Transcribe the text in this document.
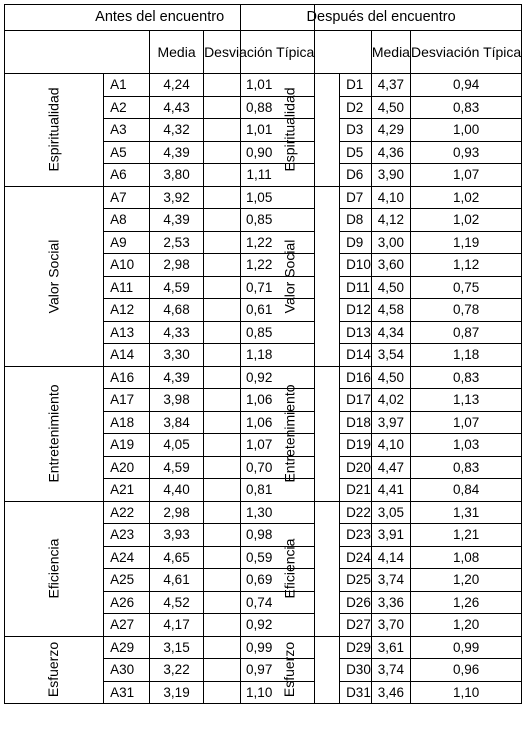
Antes del encuentro			
		Media	Desviación Típica
Espiritualidad	A1	4,24	1,01
	A2	4,43	0,88
	A3	4,32	1,01
	A5	4,39	0,90
	A6	3,80	1,11
Valor Social	A7	3,92	1,05
	A8	4,39	0,85
	A9	2,53	1,22
	A10	2,98	1,22
	A11	4,59	0,71
	A12	4,68	0,61
	A13	4,33	0,85
	A14	3,30	1,18
Entretenimiento	A16	4,39	0,92
	A17	3,98	1,06
	A18	3,84	1,06
	A19	4,05	1,07
	A20	4,59	0,70
	A21	4,40	0,81
Eficiencia	A22	2,98	1,30
	A23	3,93	0,98
	A24	4,65	0,59
	A25	4,61	0,69
	A26	4,52	0,74
	A27	4,17	0,92
Esfuerzo	A29	3,15	0,99
	A30	3,22	0,97
	A31	3,19	1,10
Después del encuentro			
		Media	Desviación Típica
Espiritualidad	D1	4,37	0,94
	D2	4,50	0,83
	D3	4,29	1,00
	D5	4,36	0,93
	D6	3,90	1,07
Valor Social	D7	4,10	1,02
	D8	4,12	1,02
	D9	3,00	1,19
	D10	3,60	1,12
	D11	4,50	0,75
	D12	4,58	0,78
	D13	4,34	0,87
	D14	3,54	1,18
Entretenimiento	D16	4,50	0,83
	D17	4,02	1,13
	D18	3,97	1,07
	D19	4,10	1,03
	D20	4,47	0,83
	D21	4,41	0,84
Eficiencia	D22	3,05	1,31
	D23	3,91	1,21
	D24	4,14	1,08
	D25	3,74	1,20
	D26	3,36	1,26
	D27	3,70	1,20
Esfuerzo	D29	3,61	0,99
	D30	3,74	0,96
	D31	3,46	1,10
